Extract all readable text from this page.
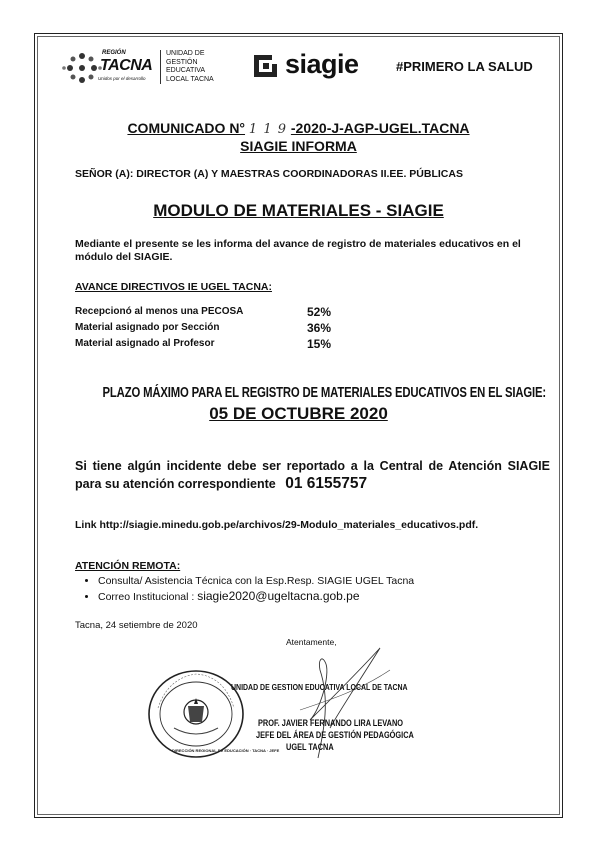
REGIÓN
TACNA
Unidos por el desarrollo
UNIDAD DE
GESTIÓN
EDUCATIVA
LOCAL TACNA	siagie	#PRIMERO LA SALUD
COMUNICADO N° 1 1 9 -2020-J-AGP-UGEL.TACNA
SIAGIE INFORMA
SEÑOR (A): DIRECTOR (A) Y MAESTRAS COORDINADORAS II.EE. PÚBLICAS
MODULO DE MATERIALES - SIAGIE
Mediante el presente se les informa del avance de registro de materiales educativos en el módulo del SIAGIE.
AVANCE DIRECTIVOS IE UGEL TACNA:
Recepcionó al menos una PECOSA	52%
Material asignado por Sección	36%
Material asignado al Profesor	15%
PLAZO MÁXIMO PARA EL REGISTRO DE MATERIALES EDUCATIVOS EN EL SIAGIE:
05 DE OCTUBRE 2020
Si tiene algún incidente debe ser reportado a la Central de Atención SIAGIE para su atención correspondiente 01 6155757
Link http://siagie.minedu.gob.pe/archivos/29-Modulo_materiales_educativos.pdf.
ATENCIÓN REMOTA:
• Consulta/ Asistencia Técnica con la Esp.Resp. SIAGIE UGEL Tacna
• Correo Institucional : siagie2020@ugeltacna.gob.pe
Tacna, 24 setiembre de 2020
Atentamente,
DIRECCIÓN REGIONAL DE EDUCACIÓN · TACNA · JEFE
UNIDAD DE GESTION EDUCATIVA LOCAL DE TACNA
PROF. JAVIER FERNANDO LIRA LEVANO
JEFE DEL ÁREA DE GESTIÓN PEDAGÓGICA
UGEL TACNA
